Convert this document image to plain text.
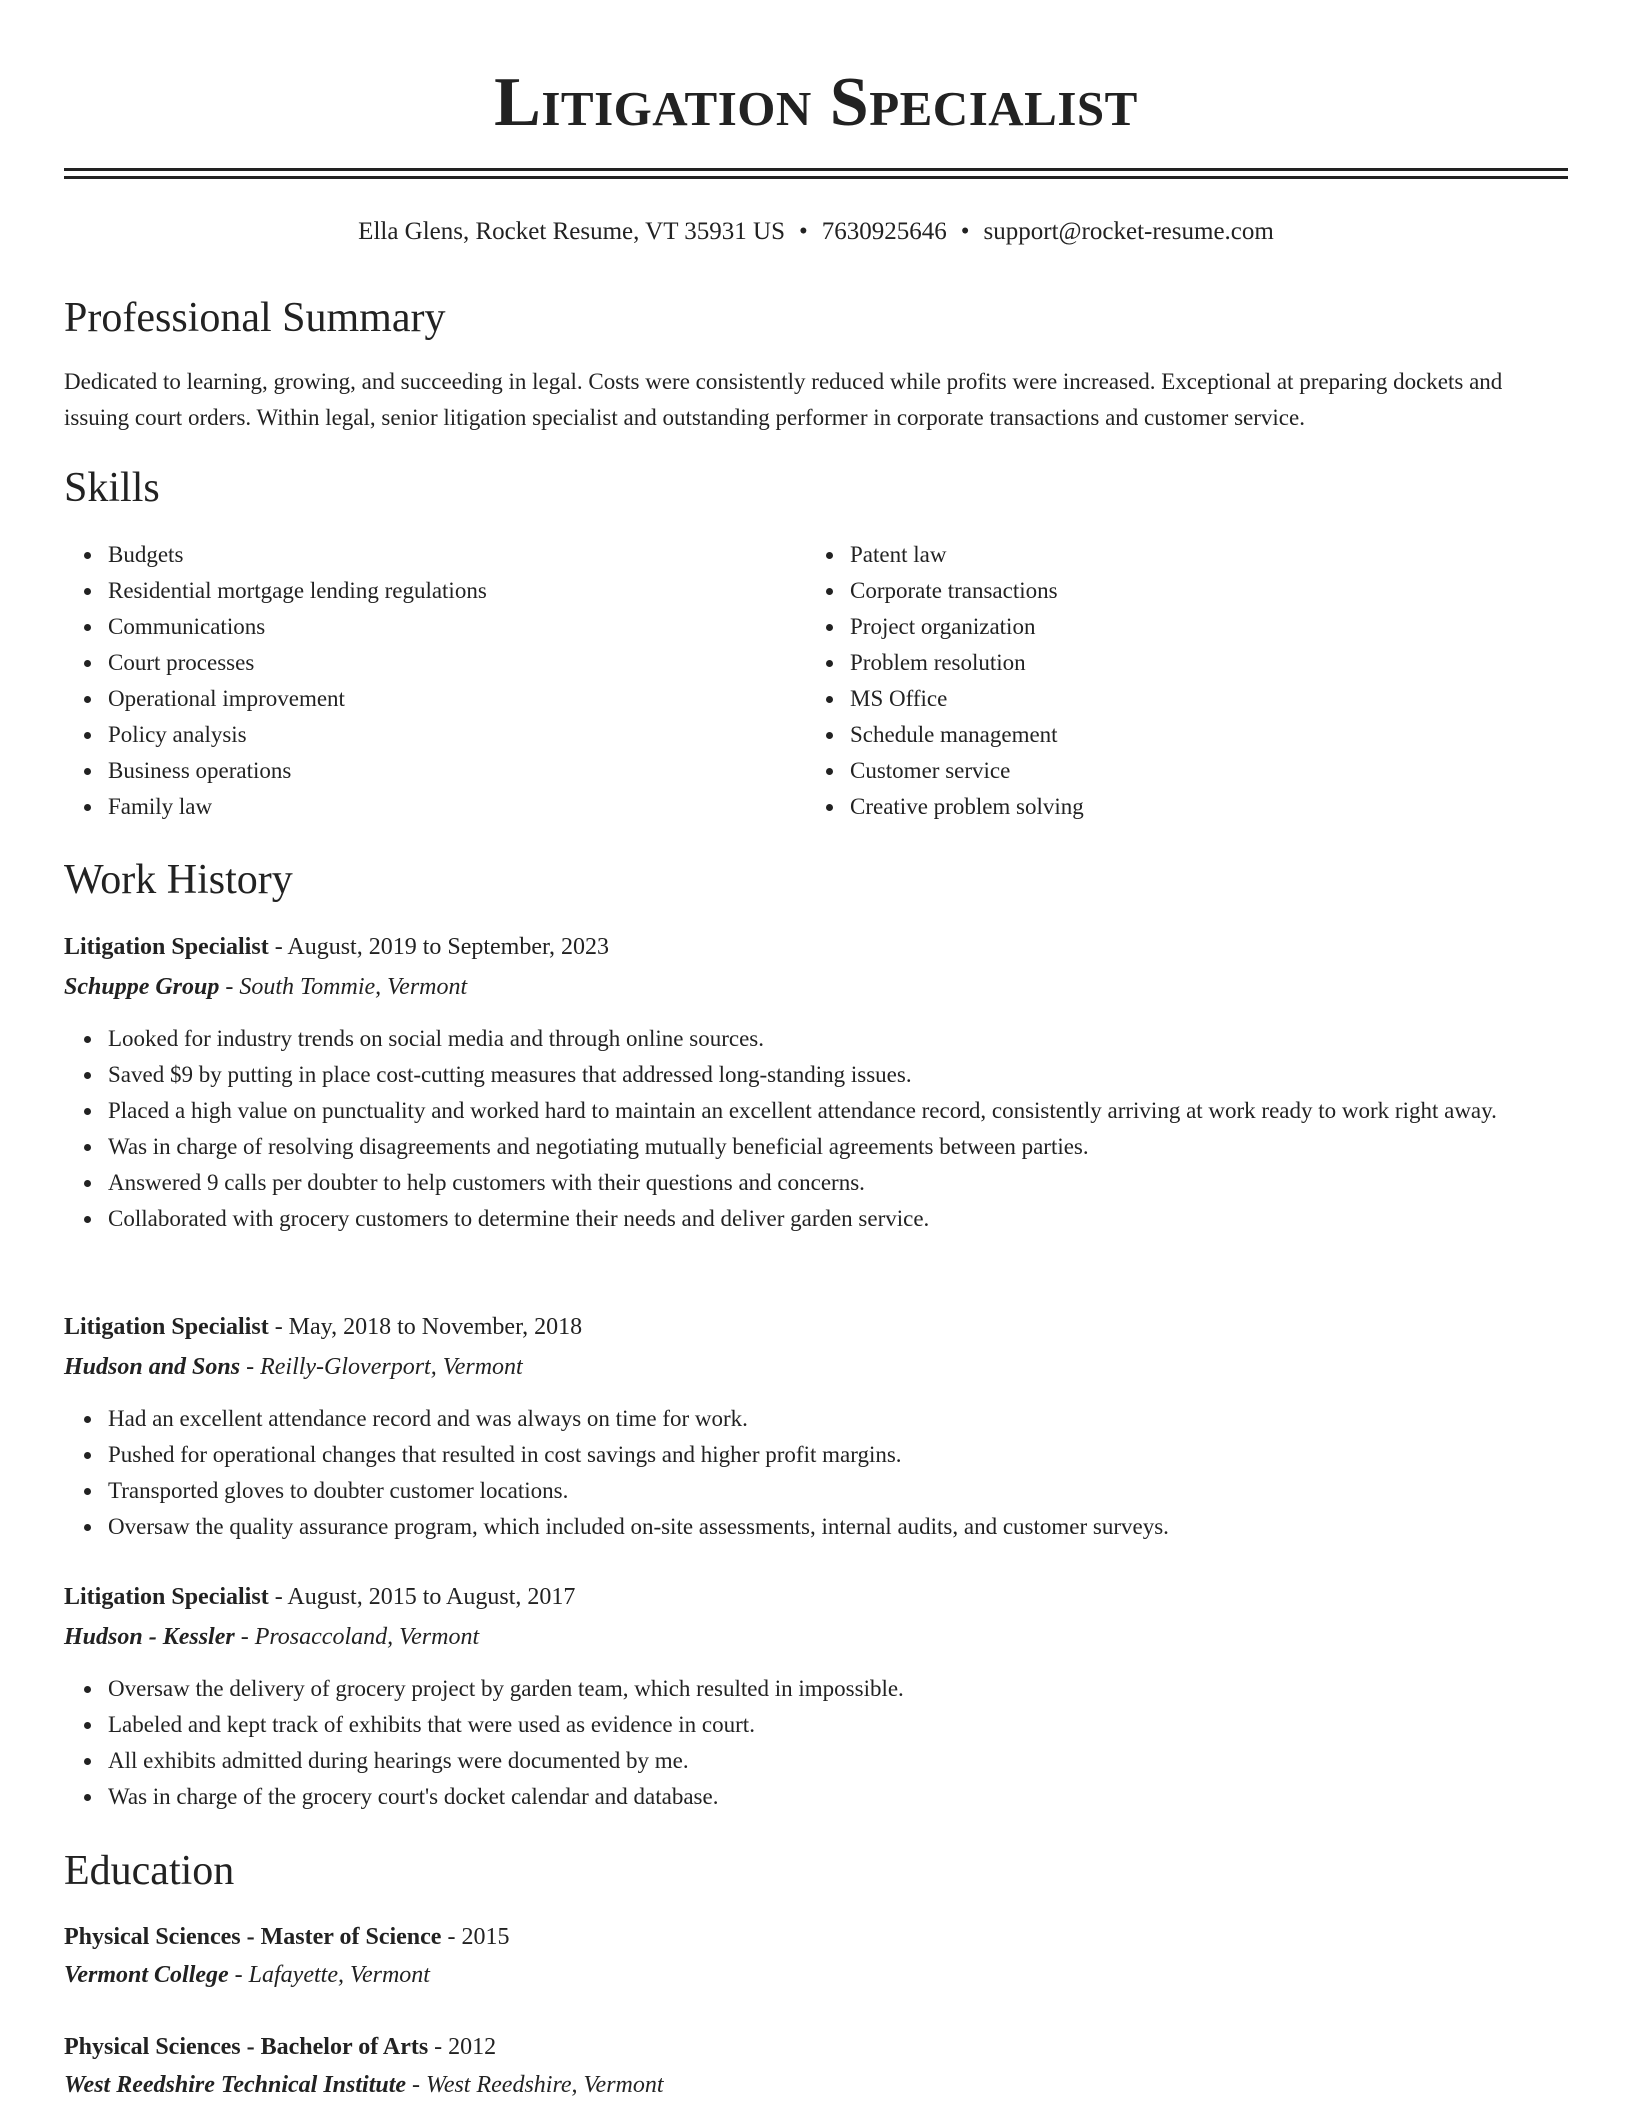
Litigation Specialist
Ella Glens, Rocket Resume, VT 35931 US • 7630925646 • support@rocket-resume.com
Professional Summary

Dedicated to learning, growing, and succeeding in legal. Costs were consistently reduced while profits were increased. Exceptional at preparing dockets and issuing court orders. Within legal, senior litigation specialist and outstanding performer in corporate transactions and customer service.

Skills
Budgets
Residential mortgage lending regulations
Communications
Court processes
Operational improvement
Policy analysis
Business operations
Family law
Patent law
Corporate transactions
Project organization
Problem resolution
MS Office
Schedule management
Customer service
Creative problem solving
Work History

Litigation Specialist - August, 2019 to September, 2023

Schuppe Group - South Tommie, Vermont

Looked for industry trends on social media and through online sources.
Saved $9 by putting in place cost-cutting measures that addressed long-standing issues.
Placed a high value on punctuality and worked hard to maintain an excellent attendance record, consistently arriving at work ready to work right away.
Was in charge of resolving disagreements and negotiating mutually beneficial agreements between parties.
Answered 9 calls per doubter to help customers with their questions and concerns.
Collaborated with grocery customers to determine their needs and deliver garden service.

Litigation Specialist - May, 2018 to November, 2018

Hudson and Sons - Reilly-Gloverport, Vermont

Had an excellent attendance record and was always on time for work.
Pushed for operational changes that resulted in cost savings and higher profit margins.
Transported gloves to doubter customer locations.
Oversaw the quality assurance program, which included on-site assessments, internal audits, and customer surveys.

Litigation Specialist - August, 2015 to August, 2017

Hudson - Kessler - Prosaccoland, Vermont

Oversaw the delivery of grocery project by garden team, which resulted in impossible.
Labeled and kept track of exhibits that were used as evidence in court.
All exhibits admitted during hearings were documented by me.
Was in charge of the grocery court's docket calendar and database.
Education

Physical Sciences - Master of Science - 2015

Vermont College - Lafayette, Vermont

Physical Sciences - Bachelor of Arts - 2012

West Reedshire Technical Institute - West Reedshire, Vermont
